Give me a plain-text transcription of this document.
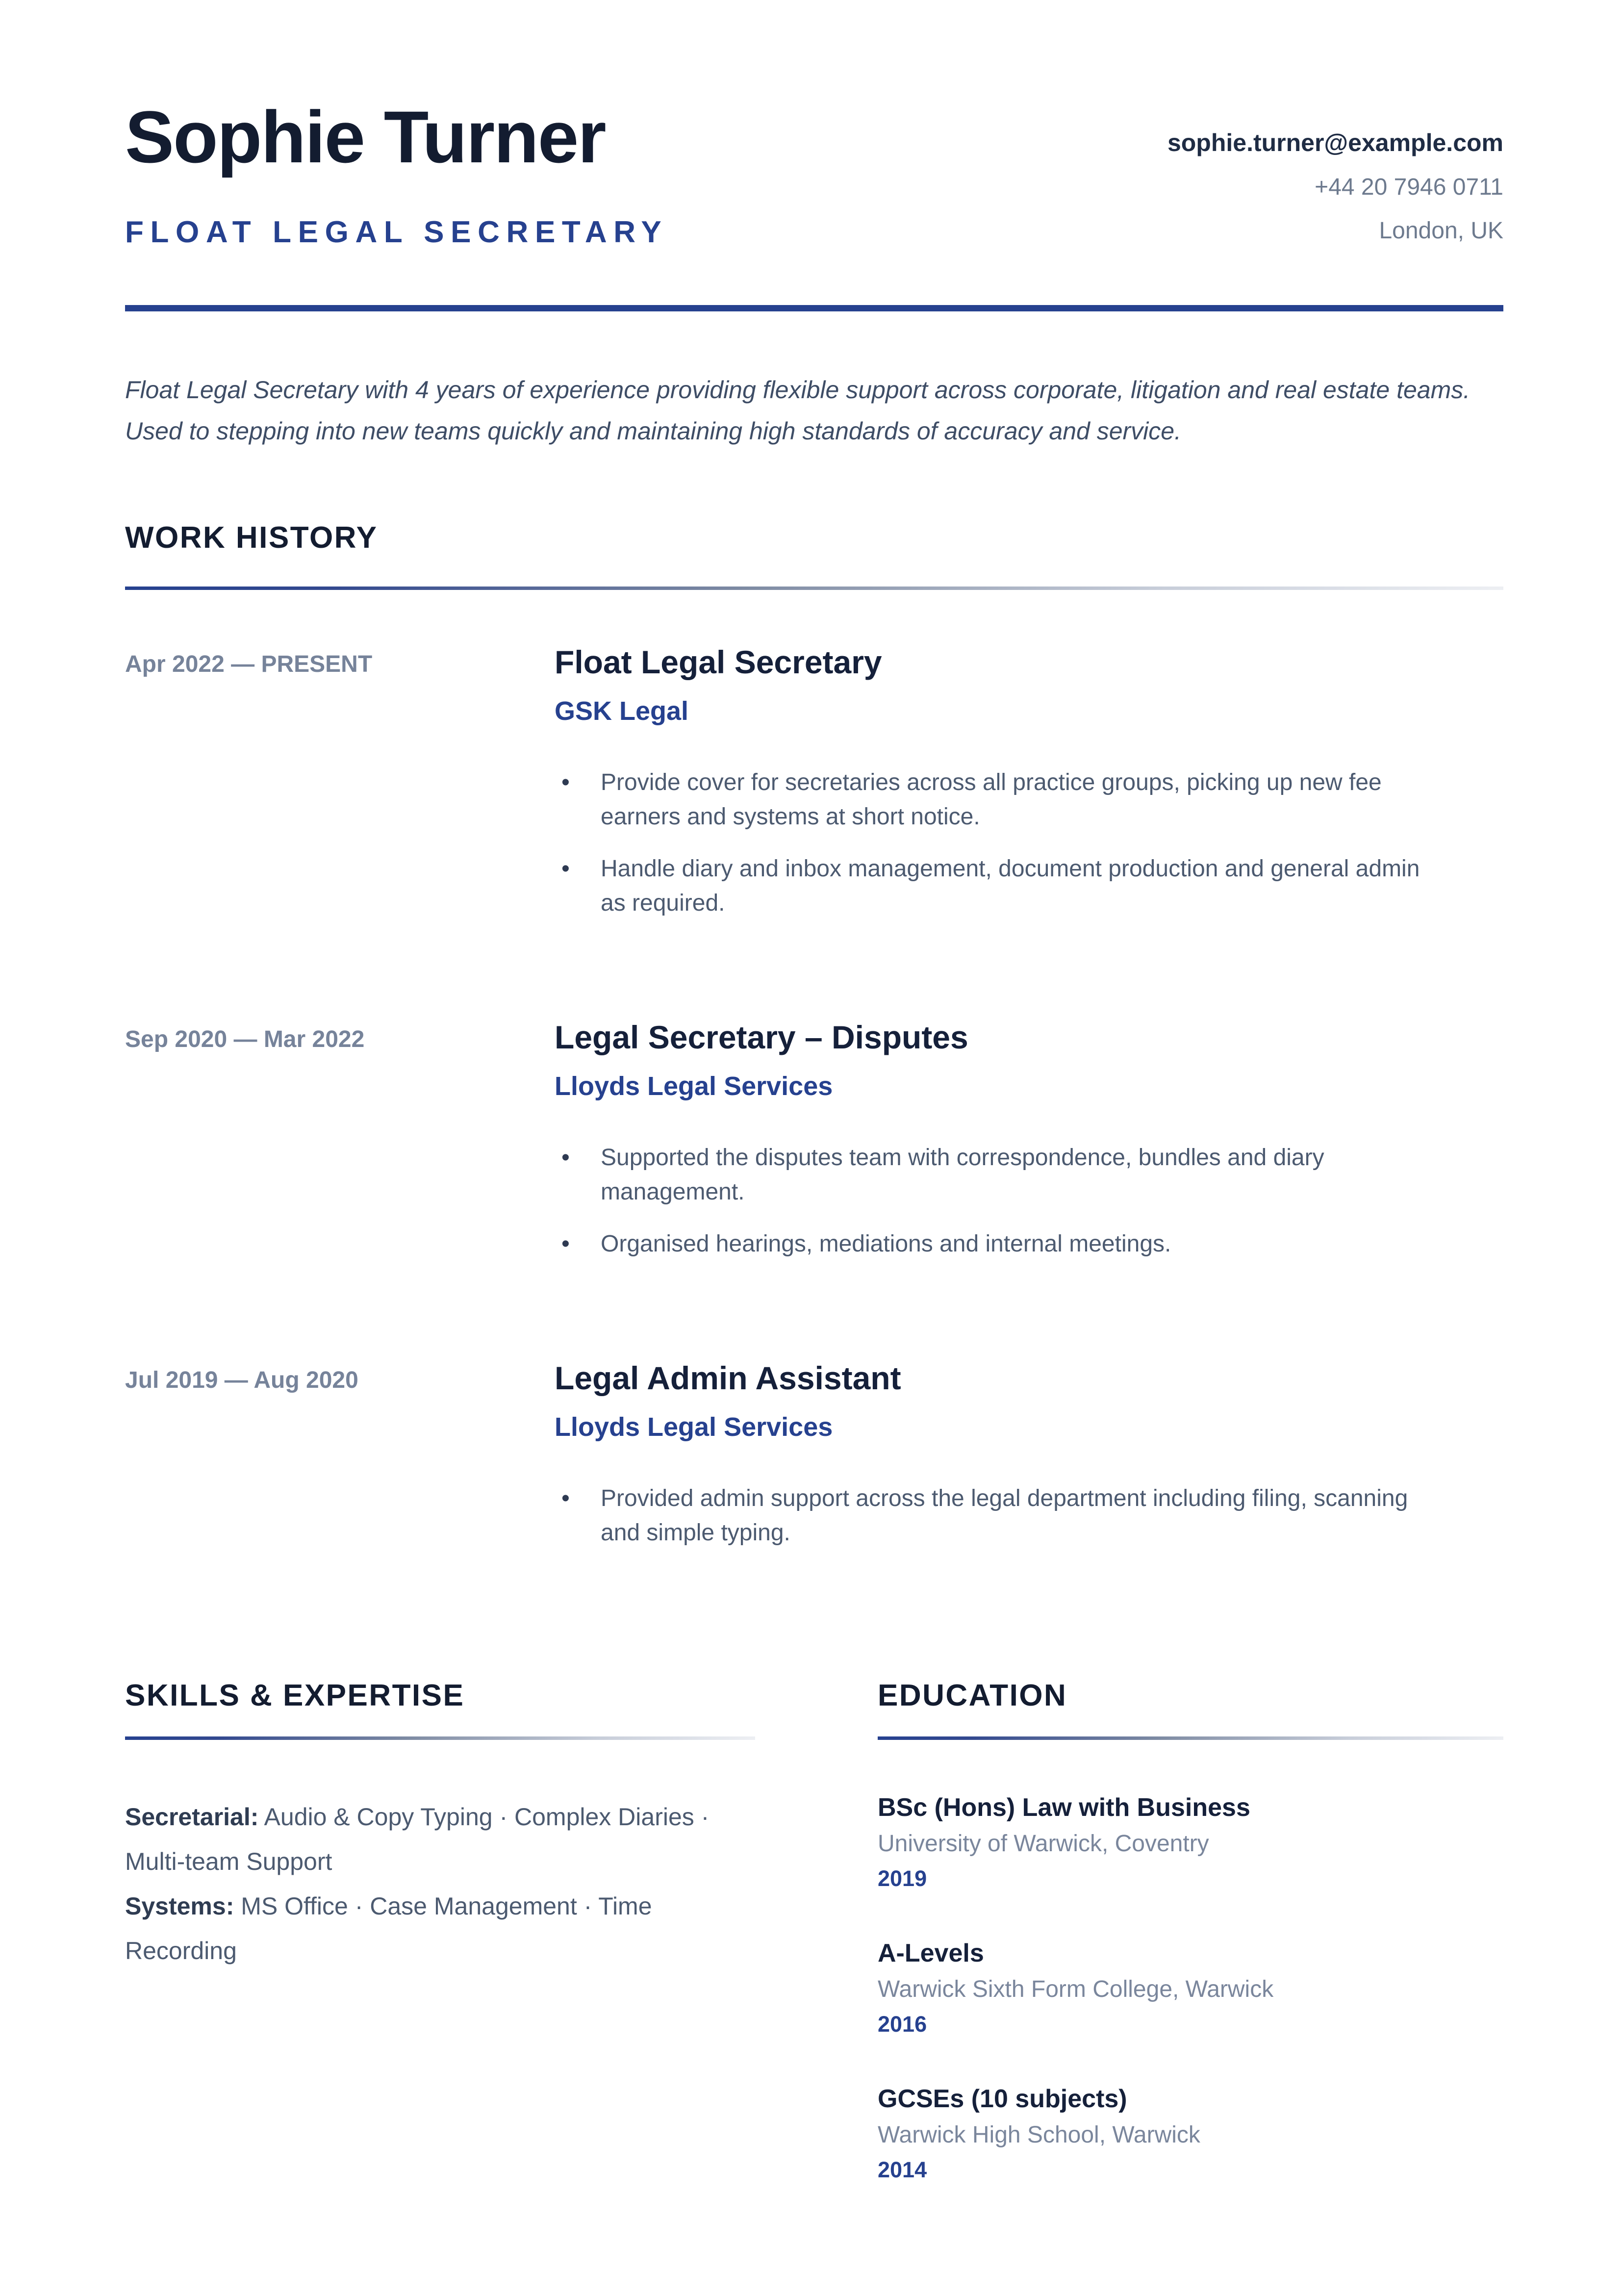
Sophie Turner
FLOAT LEGAL SECRETARY
sophie.turner@example.com
+44 20 7946 0711
London, UK

Float Legal Secretary with 4 years of experience providing flexible support across corporate, litigation and real estate teams. Used to stepping into new teams quickly and maintaining high standards of accuracy and service.

WORK HISTORY
Apr 2022 — PRESENT	Float Legal Secretary
GSK Legal
• Provide cover for secretaries across all practice groups, picking up new fee earners and systems at short notice.
• Handle diary and inbox management, document production and general admin as required.
Sep 2020 — Mar 2022	Legal Secretary – Disputes
Lloyds Legal Services
• Supported the disputes team with correspondence, bundles and diary management.
• Organised hearings, mediations and internal meetings.
Jul 2019 — Aug 2020	Legal Admin Assistant
Lloyds Legal Services
• Provided admin support across the legal department including filing, scanning and simple typing.
SKILLS & EXPERTISE

Secretarial: Audio & Copy Typing · Complex Diaries · Multi-team Support

Systems: MS Office · Case Management · Time Recording

EDUCATION
BSc (Hons) Law with Business
University of Warwick, Coventry
2019
A-Levels
Warwick Sixth Form College, Warwick
2016
GCSEs (10 subjects)
Warwick High School, Warwick
2014
